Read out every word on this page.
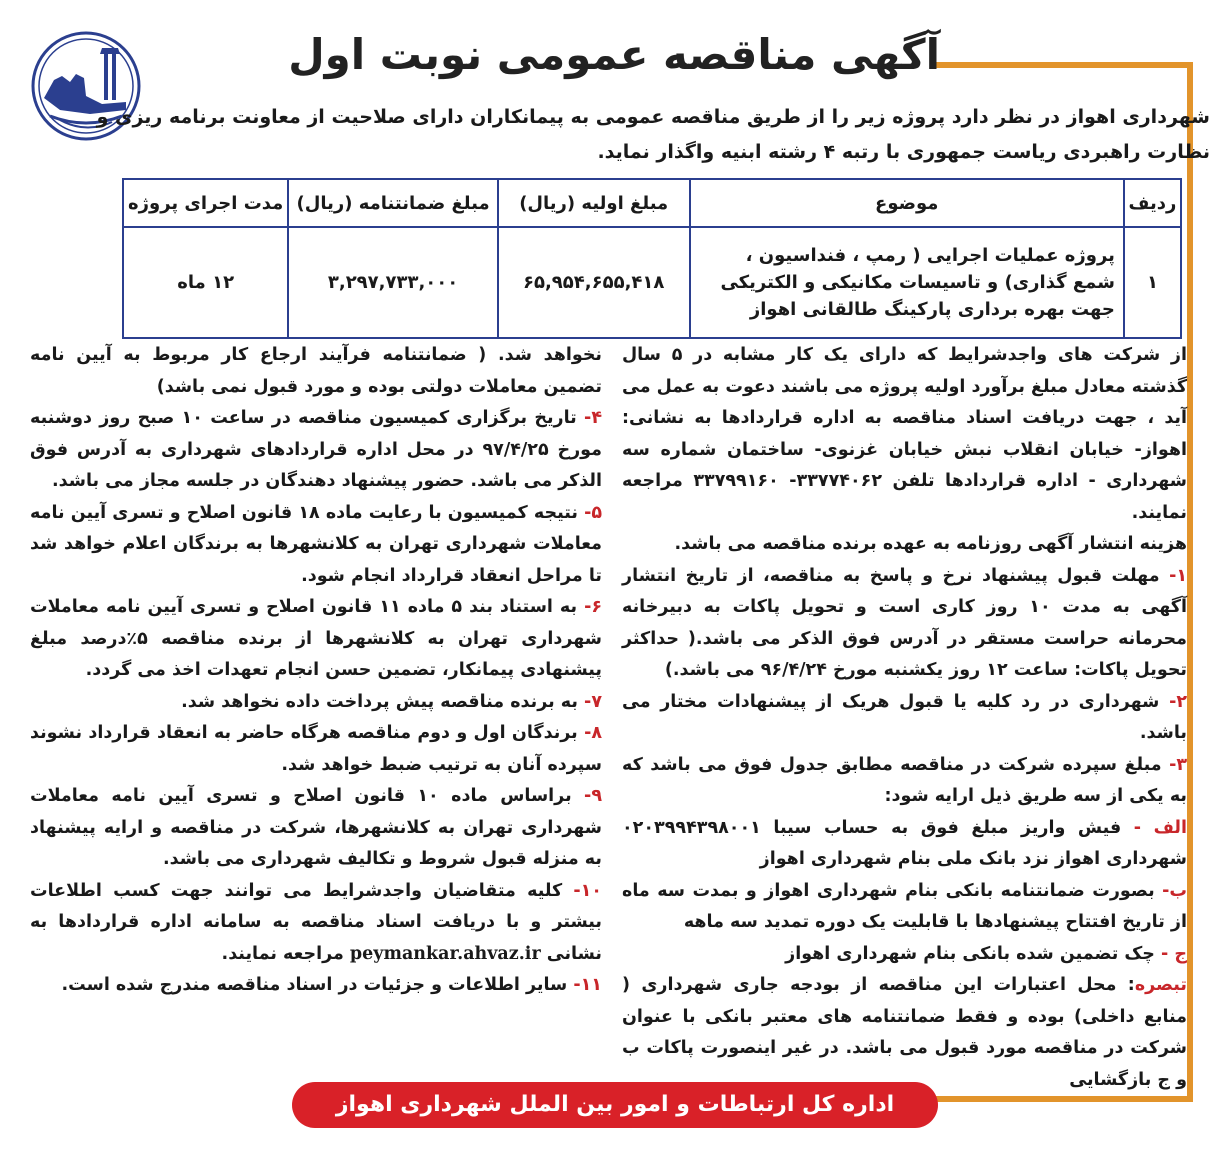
آگهی مناقصه عمومی نوبت اول
شهرداری اهواز در نظر دارد پروژه زیر را از طریق مناقصه عمومی به پیمانکاران دارای صلاحیت از معاونت برنامه ریزی و نظارت راهبردی ریاست جمهوری با رتبه ۴ رشته ابنیه واگذار نماید.
ردیف	موضوع	مبلغ اولیه (ریال)	مبلغ ضمانتنامه (ریال)	مدت اجرای پروژه
۱	پروژه عملیات اجرایی ( رمپ ، فنداسیون ، شمع گذاری) و تاسیسات مکانیکی و الکتریکی جهت بهره برداری پارکینگ طالقانی اهواز	۶۵,۹۵۴,۶۵۵,۴۱۸	۳,۲۹۷,۷۳۳,۰۰۰	۱۲ ماه

از شرکت های واجدشرایط که دارای یک کار مشابه در ۵ سال گذشته معادل مبلغ برآورد اولیه پروژه می باشند دعوت به عمل می آید ، جهت دریافت اسناد مناقصه به اداره قراردادها به نشانی: اهواز- خیابان انقلاب نبش خیابان غزنوی- ساختمان شماره سه شهرداری - اداره قراردادها تلفن ۳۳۷۷۴۰۶۲- ۳۳۷۹۹۱۶۰ مراجعه نمایند.

هزینه انتشار آگهی روزنامه به عهده برنده مناقصه می باشد.

۱- مهلت قبول پیشنهاد نرخ و پاسخ به مناقصه، از تاریخ انتشار آگهی به مدت ۱۰ روز کاری است و تحویل پاکات به دبیرخانه محرمانه حراست مستقر در آدرس فوق الذکر می باشد.( حداکثر تحویل پاکات: ساعت ۱۲ روز یکشنبه مورخ ۹۶/۴/۲۴ می باشد.)

۲- شهرداری در رد کلیه یا قبول هریک از پیشنهادات مختار می باشد.

۳- مبلغ سپرده شرکت در مناقصه مطابق جدول فوق می باشد که به یکی از سه طریق ذیل ارایه شود:

الف - فیش واریز مبلغ فوق به حساب سیبا ۰۲۰۳۹۹۴۳۹۸۰۰۱ شهرداری اهواز نزد بانک ملی بنام شهرداری اهواز

ب- بصورت ضمانتنامه بانکی بنام شهرداری اهواز و بمدت سه ماه از تاریخ افتتاح پیشنهادها با قابلیت یک دوره تمدید سه ماهه

ج - چک تضمین شده بانکی بنام شهرداری اهواز

تبصره: محل اعتبارات این مناقصه از بودجه جاری شهرداری ( منابع داخلی) بوده و فقط ضمانتنامه های معتبر بانکی با عنوان شرکت در مناقصه مورد قبول می باشد. در غیر اینصورت پاکات ب و ج بازگشایی

نخواهد شد. ( ضمانتنامه فرآیند ارجاع کار مربوط به آیین نامه تضمین معاملات دولتی بوده و مورد قبول نمی باشد)

۴- تاریخ برگزاری کمیسیون مناقصه در ساعت ۱۰ صبح روز دوشنبه مورخ ۹۷/۴/۲۵ در محل اداره قراردادهای شهرداری به آدرس فوق الذکر می باشد. حضور پیشنهاد دهندگان در جلسه مجاز می باشد.

۵- نتیجه کمیسیون با رعایت ماده ۱۸ قانون اصلاح و تسری آیین نامه معاملات شهرداری تهران به کلانشهرها به برندگان اعلام خواهد شد تا مراحل انعقاد قرارداد انجام شود.

۶- به استناد بند ۵ ماده ۱۱ قانون اصلاح و تسری آیین نامه معاملات شهرداری تهران به کلانشهرها از برنده مناقصه ۵٪درصد مبلغ پیشنهادی پیمانکار، تضمین حسن انجام تعهدات اخذ می گردد.

۷- به برنده مناقصه پیش پرداخت داده نخواهد شد.

۸- برندگان اول و دوم مناقصه هرگاه حاضر به انعقاد قرارداد نشوند سپرده آنان به ترتیب ضبط خواهد شد.

۹- براساس ماده ۱۰ قانون اصلاح و تسری آیین نامه معاملات شهرداری تهران به کلانشهرها، شرکت در مناقصه و ارایه پیشنهاد به منزله قبول شروط و تکالیف شهرداری می باشد.

۱۰- کلیه متقاضیان واجدشرایط می توانند جهت کسب اطلاعات بیشتر و با دریافت اسناد مناقصه به سامانه اداره قراردادها به نشانی peymankar.ahvaz.ir مراجعه نمایند.

۱۱- سایر اطلاعات و جزئیات در اسناد مناقصه مندرج شده است.

اداره کل ارتباطات و امور بین الملل شهرداری اهواز
